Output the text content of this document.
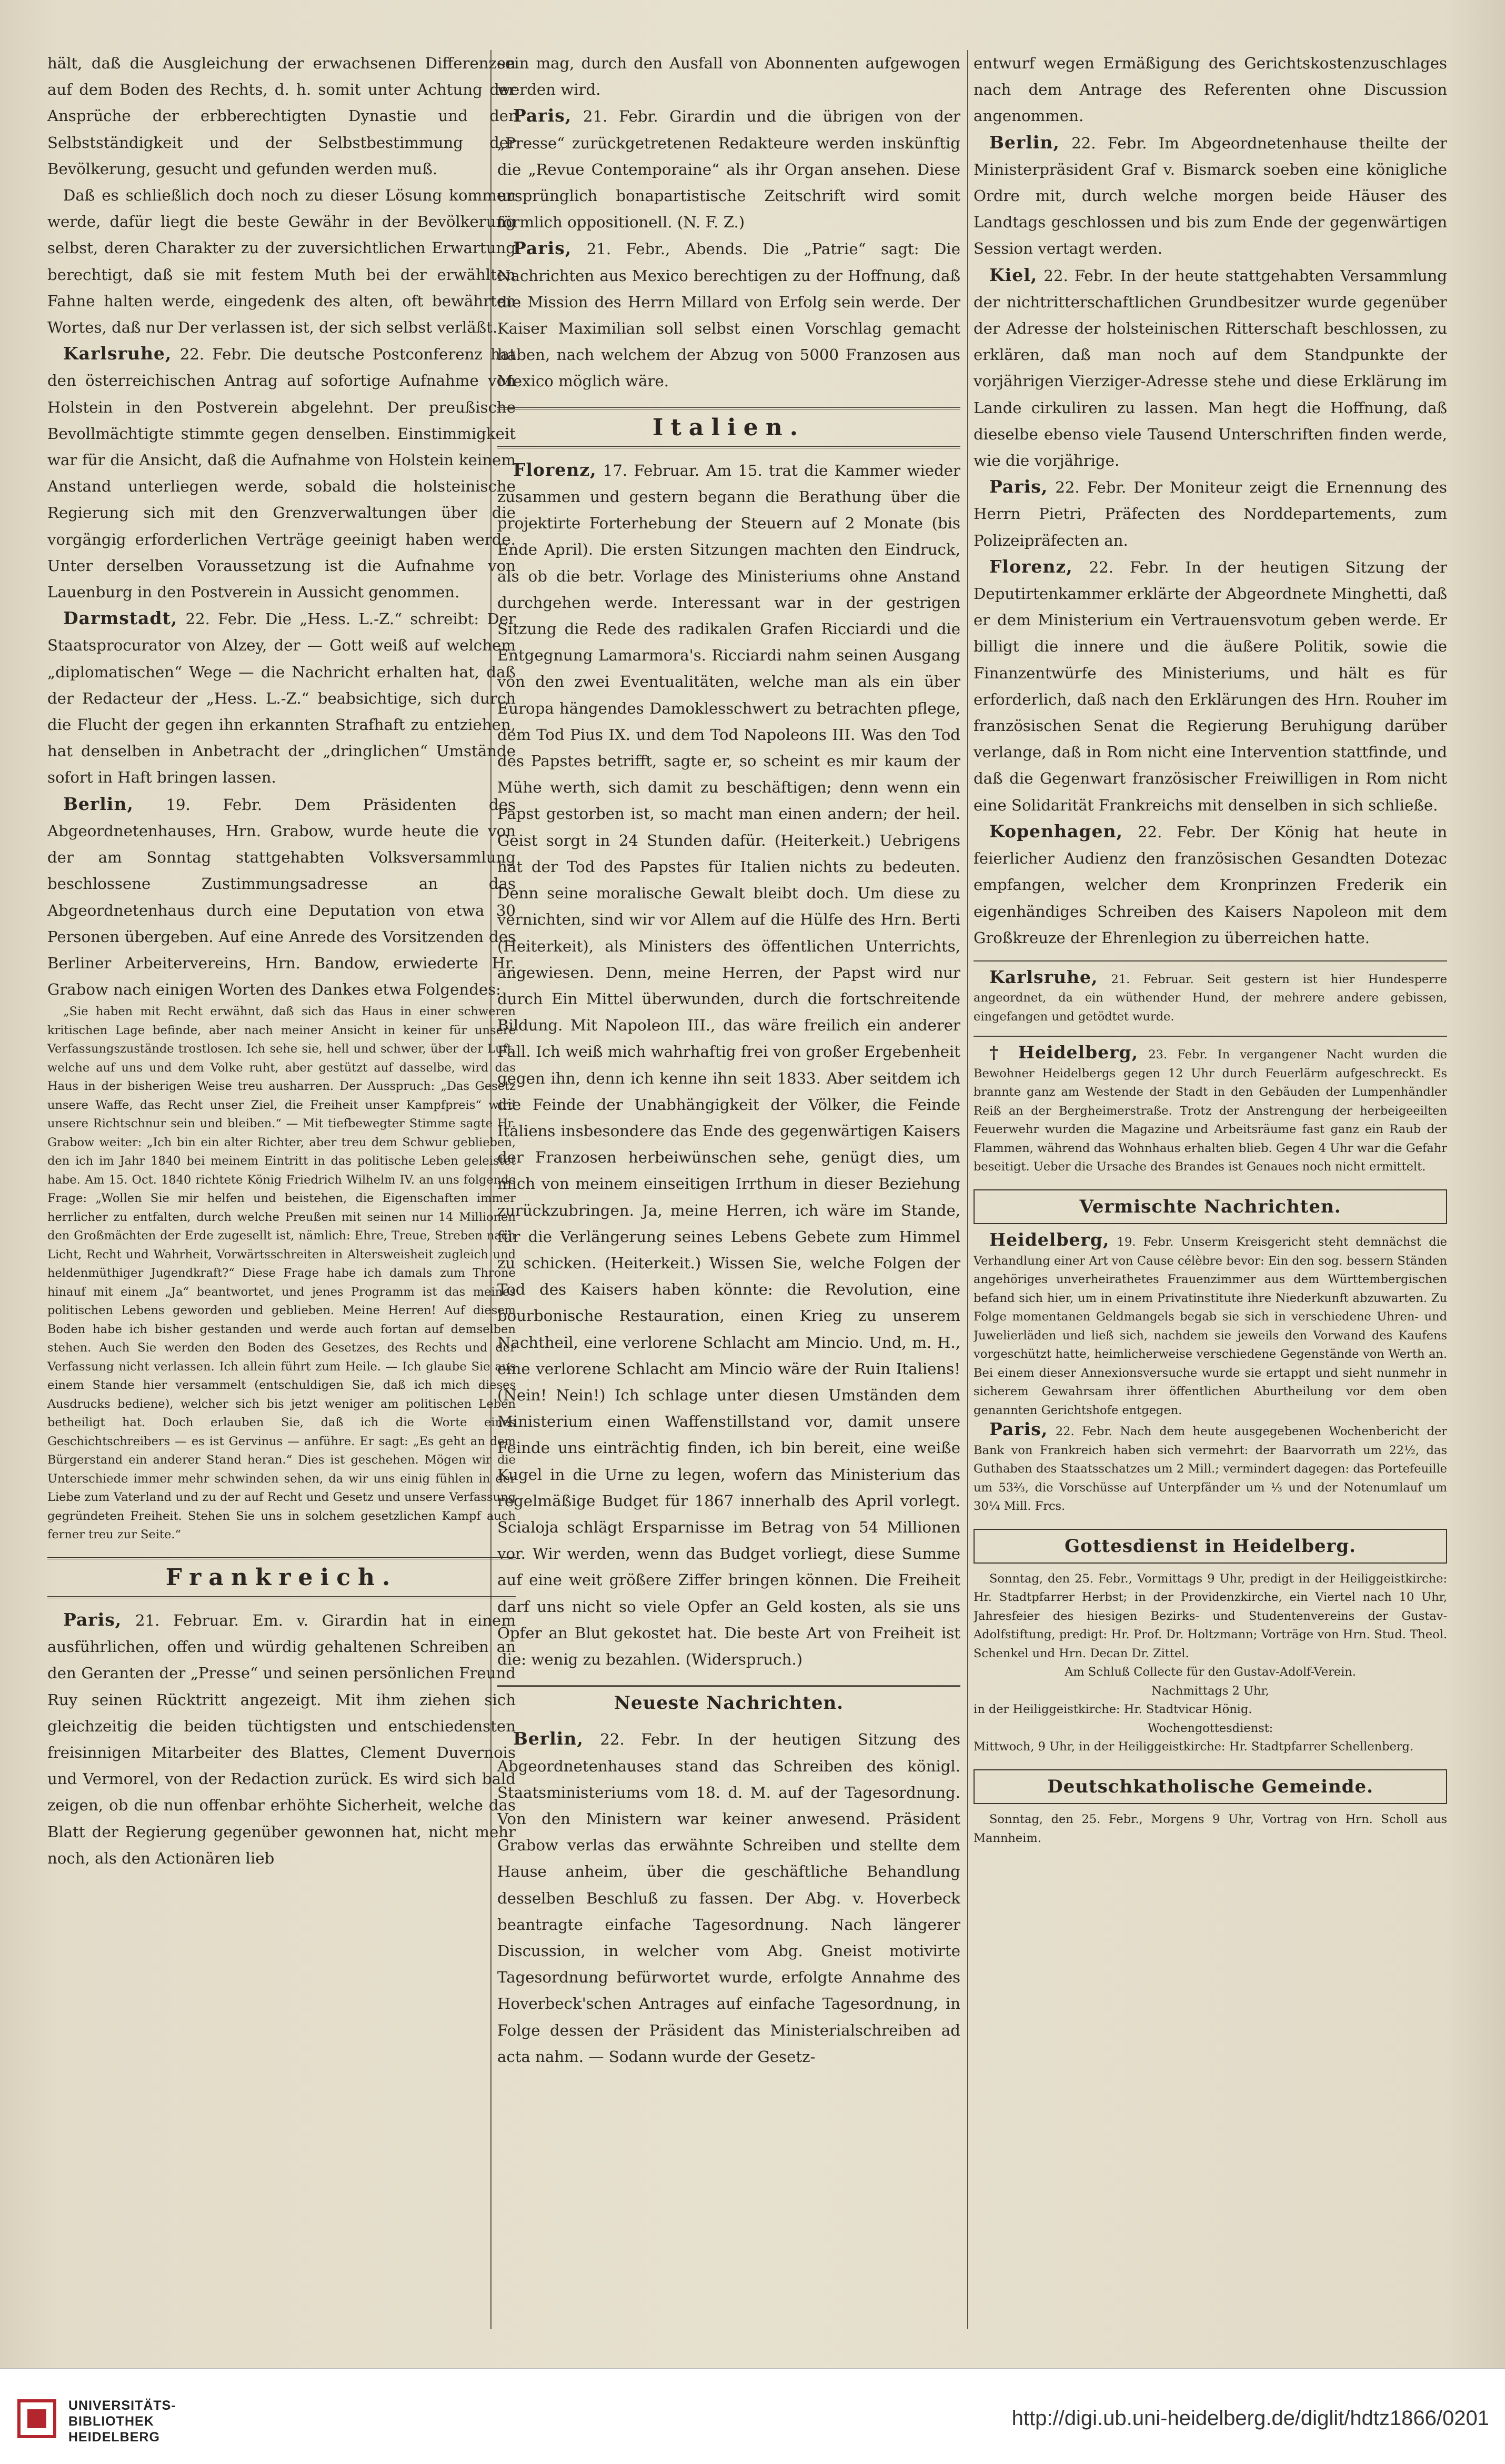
hält, daß die Ausgleichung der erwachsenen Differenzen auf dem Boden des Rechts, d. h. somit unter Achtung der Ansprüche der erbberechtigten Dynastie und der Selbstständigkeit und der Selbstbestimmung der Bevölkerung, gesucht und gefunden werden muß.

Daß es schließlich doch noch zu dieser Lösung kommen werde, dafür liegt die beste Gewähr in der Bevölkerung selbst, deren Charakter zu der zuversichtlichen Erwartung berechtigt, daß sie mit festem Muth bei der erwählten Fahne halten werde, eingedenk des alten, oft bewährten Wortes, daß nur Der verlassen ist, der sich selbst verläßt.

Karlsruhe, 22. Febr. Die deutsche Postconferenz hat den österreichischen Antrag auf sofortige Aufnahme von Holstein in den Postverein abgelehnt. Der preußische Bevollmächtigte stimmte gegen denselben. Einstimmigkeit war für die Ansicht, daß die Aufnahme von Holstein keinem Anstand unterliegen werde, sobald die holsteinische Regierung sich mit den Grenzverwaltungen über die vorgängig erforderlichen Verträge geeinigt haben werde. Unter derselben Voraussetzung ist die Aufnahme von Lauenburg in den Postverein in Aussicht genommen.

Darmstadt, 22. Febr. Die „Hess. L.-Z.“ schreibt: Der Staatsprocurator von Alzey, der — Gott weiß auf welchem „diplomatischen“ Wege — die Nachricht erhalten hat, daß der Redacteur der „Hess. L.-Z.“ beabsichtige, sich durch die Flucht der gegen ihn erkannten Strafhaft zu entziehen, hat denselben in Anbetracht der „dringlichen“ Umstände sofort in Haft bringen lassen.

Berlin, 19. Febr. Dem Präsidenten des Abgeordnetenhauses, Hrn. Grabow, wurde heute die von der am Sonntag stattgehabten Volksversammlung beschlossene Zustimmungsadresse an das Abgeordnetenhaus durch eine Deputation von etwa 30 Personen übergeben. Auf eine Anrede des Vorsitzenden des Berliner Arbeitervereins, Hrn. Bandow, erwiederte Hr. Grabow nach einigen Worten des Dankes etwa Folgendes:

„Sie haben mit Recht erwähnt, daß sich das Haus in einer schweren kritischen Lage befinde, aber nach meiner Ansicht in keiner für unsere Verfassungszustände trostlosen. Ich sehe sie, hell und schwer, über der Luft, welche auf uns und dem Volke ruht, aber gestützt auf dasselbe, wird das Haus in der bisherigen Weise treu ausharren. Der Ausspruch: „Das Gesetz unsere Waffe, das Recht unser Ziel, die Freiheit unser Kampfpreis“ wird unsere Richtschnur sein und bleiben.“ — Mit tiefbewegter Stimme sagte Hr. Grabow weiter: „Ich bin ein alter Richter, aber treu dem Schwur geblieben, den ich im Jahr 1840 bei meinem Eintritt in das politische Leben geleistet habe. Am 15. Oct. 1840 richtete König Friedrich Wilhelm IV. an uns folgende Frage: „Wollen Sie mir helfen und beistehen, die Eigenschaften immer herrlicher zu entfalten, durch welche Preußen mit seinen nur 14 Millionen den Großmächten der Erde zugesellt ist, nämlich: Ehre, Treue, Streben nach Licht, Recht und Wahrheit, Vorwärtsschreiten in Altersweisheit zugleich und heldenmüthiger Jugendkraft?“ Diese Frage habe ich damals zum Throne hinauf mit einem „Ja“ beantwortet, und jenes Programm ist das meines politischen Lebens geworden und geblieben. Meine Herren! Auf diesem Boden habe ich bisher gestanden und werde auch fortan auf demselben stehen. Auch Sie werden den Boden des Gesetzes, des Rechts und der Verfassung nicht verlassen. Ich allein führt zum Heile. — Ich glaube Sie aus einem Stande hier versammelt (entschuldigen Sie, daß ich mich dieses Ausdrucks bediene), welcher sich bis jetzt weniger am politischen Leben betheiligt hat. Doch erlauben Sie, daß ich die Worte eines Geschichtschreibers — es ist Gervinus — anführe. Er sagt: „Es geht an dem Bürgerstand ein anderer Stand heran.“ Dies ist geschehen. Mögen wir die Unterschiede immer mehr schwinden sehen, da wir uns einig fühlen in der Liebe zum Vaterland und zu der auf Recht und Gesetz und unsere Verfassung gegründeten Freiheit. Stehen Sie uns in solchem gesetzlichen Kampf auch ferner treu zur Seite.“

Frankreich.

Paris, 21. Februar. Em. v. Girardin hat in einem ausführlichen, offen und würdig gehaltenen Schreiben an den Geranten der „Presse“ und seinen persönlichen Freund Ruy seinen Rücktritt angezeigt. Mit ihm ziehen sich gleichzeitig die beiden tüchtigsten und entschiedensten freisinnigen Mitarbeiter des Blattes, Clement Duvernois und Vermorel, von der Redaction zurück. Es wird sich bald zeigen, ob die nun offenbar erhöhte Sicherheit, welche das Blatt der Regierung gegenüber gewonnen hat, nicht mehr noch, als den Actionären lieb

sein mag, durch den Ausfall von Abonnenten aufgewogen werden wird.

Paris, 21. Febr. Girardin und die übrigen von der „Presse“ zurückgetretenen Redakteure werden inskünftig die „Revue Contemporaine“ als ihr Organ ansehen. Diese ursprünglich bonapartistische Zeitschrift wird somit förmlich oppositionell. (N. F. Z.)

Paris, 21. Febr., Abends. Die „Patrie“ sagt: Die Nachrichten aus Mexico berechtigen zu der Hoffnung, daß die Mission des Herrn Millard von Erfolg sein werde. Der Kaiser Maximilian soll selbst einen Vorschlag gemacht haben, nach welchem der Abzug von 5000 Franzosen aus Mexico möglich wäre.

Italien.

Florenz, 17. Februar. Am 15. trat die Kammer wieder zusammen und gestern begann die Berathung über die projektirte Forterhebung der Steuern auf 2 Monate (bis Ende April). Die ersten Sitzungen machten den Eindruck, als ob die betr. Vorlage des Ministeriums ohne Anstand durchgehen werde. Interessant war in der gestrigen Sitzung die Rede des radikalen Grafen Ricciardi und die Entgegnung Lamarmora's. Ricciardi nahm seinen Ausgang von den zwei Eventualitäten, welche man als ein über Europa hängendes Damoklesschwert zu betrachten pflege, dem Tod Pius IX. und dem Tod Napoleons III. Was den Tod des Papstes betrifft, sagte er, so scheint es mir kaum der Mühe werth, sich damit zu beschäftigen; denn wenn ein Papst gestorben ist, so macht man einen andern; der heil. Geist sorgt in 24 Stunden dafür. (Heiterkeit.) Uebrigens hat der Tod des Papstes für Italien nichts zu bedeuten. Denn seine moralische Gewalt bleibt doch. Um diese zu vernichten, sind wir vor Allem auf die Hülfe des Hrn. Berti (Heiterkeit), als Ministers des öffentlichen Unterrichts, angewiesen. Denn, meine Herren, der Papst wird nur durch Ein Mittel überwunden, durch die fortschreitende Bildung. Mit Napoleon III., das wäre freilich ein anderer Fall. Ich weiß mich wahrhaftig frei von großer Ergebenheit gegen ihn, denn ich kenne ihn seit 1833. Aber seitdem ich die Feinde der Unabhängigkeit der Völker, die Feinde Italiens insbesondere das Ende des gegenwärtigen Kaisers der Franzosen herbeiwünschen sehe, genügt dies, um mich von meinem einseitigen Irrthum in dieser Beziehung zurückzubringen. Ja, meine Herren, ich wäre im Stande, für die Verlängerung seines Lebens Gebete zum Himmel zu schicken. (Heiterkeit.) Wissen Sie, welche Folgen der Tod des Kaisers haben könnte: die Revolution, eine bourbonische Restauration, einen Krieg zu unserem Nachtheil, eine verlorene Schlacht am Mincio. Und, m. H., eine verlorene Schlacht am Mincio wäre der Ruin Italiens! (Nein! Nein!) Ich schlage unter diesen Umständen dem Ministerium einen Waffenstillstand vor, damit unsere Feinde uns einträchtig finden, ich bin bereit, eine weiße Kugel in die Urne zu legen, wofern das Ministerium das regelmäßige Budget für 1867 innerhalb des April vorlegt. Scialoja schlägt Ersparnisse im Betrag von 54 Millionen vor. Wir werden, wenn das Budget vorliegt, diese Summe auf eine weit größere Ziffer bringen können. Die Freiheit darf uns nicht so viele Opfer an Geld kosten, als sie uns Opfer an Blut gekostet hat. Die beste Art von Freiheit ist die: wenig zu bezahlen. (Widerspruch.)

Neueste Nachrichten.

Berlin, 22. Febr. In der heutigen Sitzung des Abgeordnetenhauses stand das Schreiben des königl. Staatsministeriums vom 18. d. M. auf der Tagesordnung. Von den Ministern war keiner anwesend. Präsident Grabow verlas das erwähnte Schreiben und stellte dem Hause anheim, über die geschäftliche Behandlung desselben Beschluß zu fassen. Der Abg. v. Hoverbeck beantragte einfache Tagesordnung. Nach längerer Discussion, in welcher vom Abg. Gneist motivirte Tagesordnung befürwortet wurde, erfolgte Annahme des Hoverbeck'schen Antrages auf einfache Tagesordnung, in Folge dessen der Präsident das Ministerialschreiben ad acta nahm. — Sodann wurde der Gesetz-

entwurf wegen Ermäßigung des Gerichtskostenzuschlages nach dem Antrage des Referenten ohne Discussion angenommen.

Berlin, 22. Febr. Im Abgeordnetenhause theilte der Ministerpräsident Graf v. Bismarck soeben eine königliche Ordre mit, durch welche morgen beide Häuser des Landtags geschlossen und bis zum Ende der gegenwärtigen Session vertagt werden.

Kiel, 22. Febr. In der heute stattgehabten Versammlung der nichtritterschaftlichen Grundbesitzer wurde gegenüber der Adresse der holsteinischen Ritterschaft beschlossen, zu erklären, daß man noch auf dem Standpunkte der vorjährigen Vierziger-Adresse stehe und diese Erklärung im Lande cirkuliren zu lassen. Man hegt die Hoffnung, daß dieselbe ebenso viele Tausend Unterschriften finden werde, wie die vorjährige.

Paris, 22. Febr. Der Moniteur zeigt die Ernennung des Herrn Pietri, Präfecten des Norddepartements, zum Polizeipräfecten an.

Florenz, 22. Febr. In der heutigen Sitzung der Deputirtenkammer erklärte der Abgeordnete Minghetti, daß er dem Ministerium ein Vertrauensvotum geben werde. Er billigt die innere und die äußere Politik, sowie die Finanzentwürfe des Ministeriums, und hält es für erforderlich, daß nach den Erklärungen des Hrn. Rouher im französischen Senat die Regierung Beruhigung darüber verlange, daß in Rom nicht eine Intervention stattfinde, und daß die Gegenwart französischer Freiwilligen in Rom nicht eine Solidarität Frankreichs mit denselben in sich schließe.

Kopenhagen, 22. Febr. Der König hat heute in feierlicher Audienz den französischen Gesandten Dotezac empfangen, welcher dem Kronprinzen Frederik ein eigenhändiges Schreiben des Kaisers Napoleon mit dem Großkreuze der Ehrenlegion zu überreichen hatte.

Karlsruhe, 21. Februar. Seit gestern ist hier Hundesperre angeordnet, da ein wüthender Hund, der mehrere andere gebissen, eingefangen und getödtet wurde.

† Heidelberg, 23. Febr. In vergangener Nacht wurden die Bewohner Heidelbergs gegen 12 Uhr durch Feuerlärm aufgeschreckt. Es brannte ganz am Westende der Stadt in den Gebäuden der Lumpenhändler Reiß an der Bergheimerstraße. Trotz der Anstrengung der herbeigeeilten Feuerwehr wurden die Magazine und Arbeitsräume fast ganz ein Raub der Flammen, während das Wohnhaus erhalten blieb. Gegen 4 Uhr war die Gefahr beseitigt. Ueber die Ursache des Brandes ist Genaues noch nicht ermittelt.

Vermischte Nachrichten.

Heidelberg, 19. Febr. Unserm Kreisgericht steht demnächst die Verhandlung einer Art von Cause célèbre bevor: Ein den sog. bessern Ständen angehöriges unverheirathetes Frauenzimmer aus dem Württembergischen befand sich hier, um in einem Privatinstitute ihre Niederkunft abzuwarten. Zu Folge momentanen Geldmangels begab sie sich in verschiedene Uhren- und Juwelierläden und ließ sich, nachdem sie jeweils den Vorwand des Kaufens vorgeschützt hatte, heimlicherweise verschiedene Gegenstände von Werth an. Bei einem dieser Annexionsversuche wurde sie ertappt und sieht nunmehr in sicherem Gewahrsam ihrer öffentlichen Aburtheilung vor dem oben genannten Gerichtshofe entgegen.

Paris, 22. Febr. Nach dem heute ausgegebenen Wochenbericht der Bank von Frankreich haben sich vermehrt: der Baarvorrath um 22½, das Guthaben des Staatsschatzes um 2 Mill.; vermindert dagegen: das Portefeuille um 53⅔, die Vorschüsse auf Unterpfänder um ⅓ und der Notenumlauf um 30¼ Mill. Frcs.

Gottesdienst in Heidelberg.

Sonntag, den 25. Febr., Vormittags 9 Uhr, predigt in der Heiliggeistkirche: Hr. Stadtpfarrer Herbst; in der Providenzkirche, ein Viertel nach 10 Uhr, Jahresfeier des hiesigen Bezirks- und Studentenvereins der Gustav-Adolfstiftung, predigt: Hr. Prof. Dr. Holtzmann; Vorträge von Hrn. Stud. Theol. Schenkel und Hrn. Decan Dr. Zittel.

Am Schluß Collecte für den Gustav-Adolf-Verein.

Nachmittags 2 Uhr,

in der Heiliggeistkirche: Hr. Stadtvicar Hönig.

Wochengottesdienst:

Mittwoch, 9 Uhr, in der Heiliggeistkirche: Hr. Stadtpfarrer Schellenberg.

Deutschkatholische Gemeinde.

Sonntag, den 25. Febr., Morgens 9 Uhr, Vortrag von Hrn. Scholl aus Mannheim.

UNIVERSITÄTS-
BIBLIOTHEK
HEIDELBERG
http://digi.ub.uni-heidelberg.de/diglit/hdtz1866/0201
